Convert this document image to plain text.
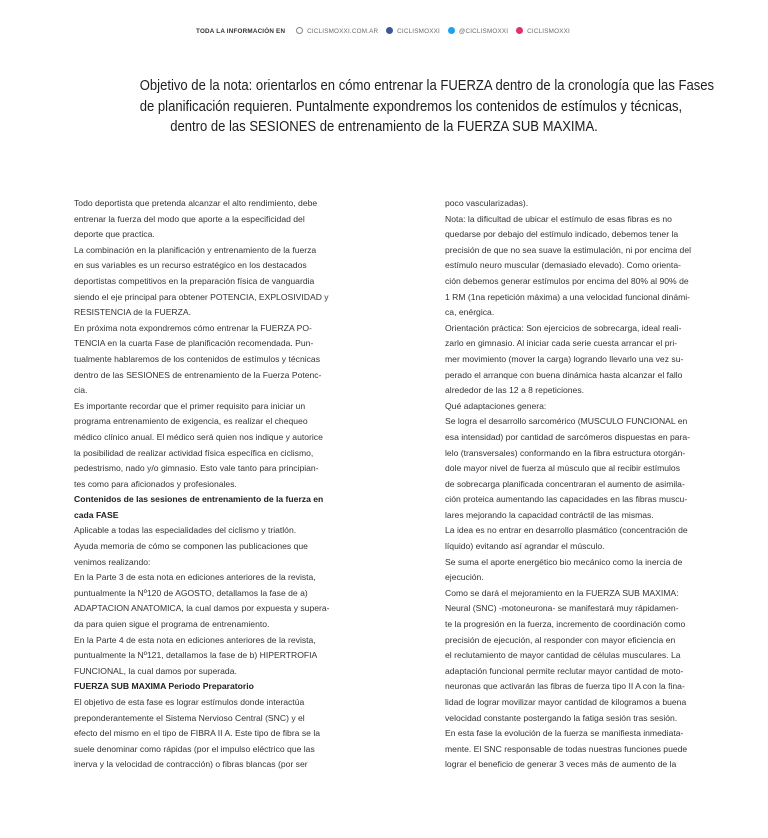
TODA LA INFORMACIÓN EN	CICLISMOXXI.COM.AR	CICLISMOXXI	@CICLISMOXXI	CICLISMOXXI
Objetivo de la nota: orientarlos en cómo entrenar la FUERZA dentro de la cronología que las Fases
de planificación requieren. Puntalmente expondremos los contenidos de estímulos y técnicas,
dentro de las SESIONES de entrenamiento de la FUERZA SUB MAXIMA.
Todo deportista que pretenda alcanzar el alto rendimiento, debe
entrenar la fuerza del modo que aporte a la especificidad del
deporte que practica.
La combinación en la planificación y entrenamiento de la fuerza
en sus variables es un recurso estratégico en los destacados
deportistas competitivos en la preparación física de vanguardia
siendo el eje principal para obtener POTENCIA, EXPLOSIVIDAD y
RESISTENCIA de la FUERZA.
En próxima nota expondremos cómo entrenar la FUERZA PO-
TENCIA en la cuarta Fase de planificación recomendada. Pun-
tualmente hablaremos de los contenidos de estímulos y técnicas
dentro de las SESIONES de entrenamiento de la Fuerza Potenc-
cia.
Es importante recordar que el primer requisito para iniciar un
programa entrenamiento de exigencia, es realizar el chequeo
médico clínico anual. El médico será quien nos indique y autorice
la posibilidad de realizar actividad física específica en ciclismo,
pedestrismo, nado y/o gimnasio. Esto vale tanto para principian-
tes como para aficionados y profesionales.
Contenidos de las sesiones de entrenamiento de la fuerza en
cada FASE
Aplicable a todas las especialidades del ciclismo y triatlón.
Ayuda memoria de cómo se componen las publicaciones que
venimos realizando:
En la Parte 3 de esta nota en ediciones anteriores de la revista,
puntualmente la Nº120 de AGOSTO, detallamos la fase de a)
ADAPTACION ANATOMICA, la cual damos por expuesta y supera-
da para quien sigue el programa de entrenamiento.
En la Parte 4 de esta nota en ediciones anteriores de la revista,
puntualmente la Nº121, detallamos la fase de b) HIPERTROFIA
FUNCIONAL, la cual damos por superada.
FUERZA SUB MAXIMA Periodo Preparatorio
El objetivo de esta fase es lograr estímulos donde interactúa
preponderantemente el Sistema Nervioso Central (SNC) y el
efecto del mismo en el tipo de FIBRA II A. Este tipo de fibra se la
suele denominar como rápidas (por el impulso eléctrico que las
inerva y la velocidad de contracción) o fibras blancas (por ser
poco vascularizadas).
Nota: la dificultad de ubicar el estímulo de esas fibras es no
quedarse por debajo del estímulo indicado, debemos tener la
precisión de que no sea suave la estimulación, ni por encima del
estímulo neuro muscular (demasiado elevado). Como orienta-
ción debemos generar estímulos por encima del 80% al 90% de
1 RM (1na repetición máxima) a una velocidad funcional dinámi-
ca, enérgica.
Orientación práctica: Son ejercicios de sobrecarga, ideal reali-
zarlo en gimnasio. Al iniciar cada serie cuesta arrancar el pri-
mer movimiento (mover la carga) logrando llevarlo una vez su-
perado el arranque con buena dinámica hasta alcanzar el fallo
alrededor de las 12 a 8 repeticiones.
Qué adaptaciones genera:
Se logra el desarrollo sarcomérico (MUSCULO FUNCIONAL en
esa intensidad) por cantidad de sarcómeros dispuestas en para-
lelo (transversales) conformando en la fibra estructura otorgán-
dole mayor nivel de fuerza al músculo que al recibir estímulos
de sobrecarga planificada concentraran el aumento de asimila-
ción proteica aumentando las capacidades en las fibras muscu-
lares mejorando la capacidad contráctil de las mismas.
La idea es no entrar en desarrollo plasmático (concentración de
líquido) evitando así agrandar el músculo.
Se suma el aporte energético bio mecánico como la inercia de
ejecución.
Como se dará el mejoramiento en la FUERZA SUB MAXIMA:
Neural (SNC) -motoneurona- se manifestará muy rápidamen-
te la progresión en la fuerza, incremento de coordinación como
precisión de ejecución, al responder con mayor eficiencia en
el reclutamiento de mayor cantidad de células musculares. La
adaptación funcional permite reclutar mayor cantidad de moto-
neuronas que activarán las fibras de fuerza tipo II A con la fina-
lidad de lograr movilizar mayor cantidad de kilogramos a buena
velocidad constante postergando la fatiga sesión tras sesión.
En esta fase la evolución de la fuerza se manifiesta inmediata-
mente. El SNC responsable de todas nuestras funciones puede
lograr el beneficio de generar 3 veces más de aumento de la
